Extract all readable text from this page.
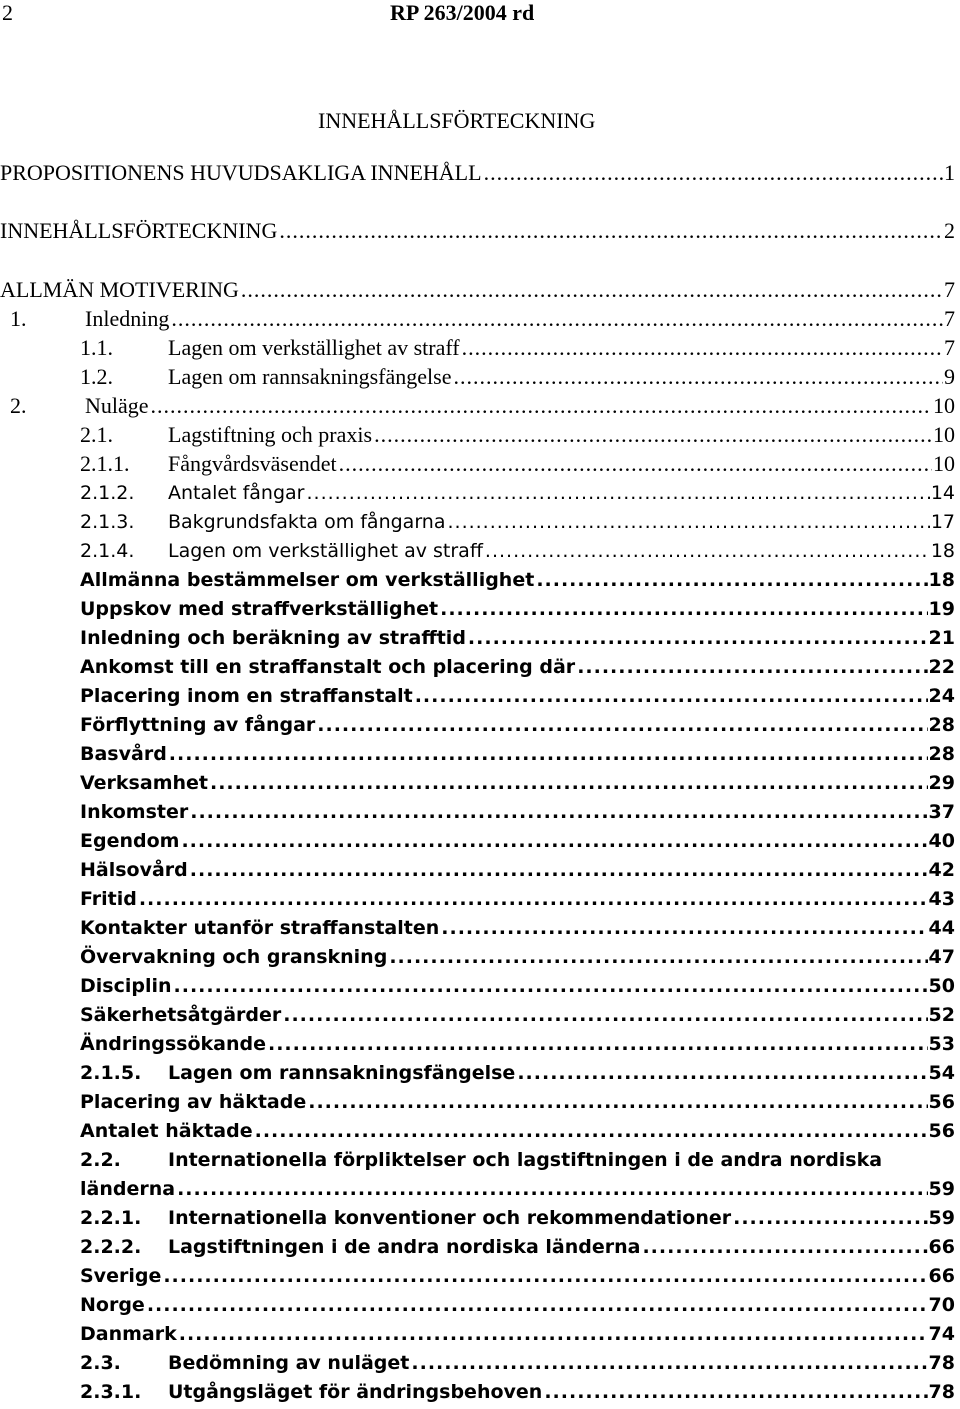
2	RP 263/2004 rd
INNEHÅLLSFÖRTECKNING
PROPOSITIONENS HUVUDSAKLIGA INNEHÅLL .....	1
INNEHÅLLSFÖRTECKNING .....	2
ALLMÄN MOTIVERING .....	7
1.	Inledning .....	7
1.1.	Lagen om verkställighet av straff .....	7
1.2.	Lagen om rannsakningsfängelse .....	9
2.	Nuläge .....	10
2.1.	Lagstiftning och praxis .....	10
2.1.1. Fångvårdsväsendet .....	10
2.1.2. Antalet fångar .....	14
2.1.3. Bakgrundsfakta om fångarna .....	17
2.1.4. Lagen om verkställighet av straff .....	18
Allmänna bestämmelser om verkställighet .....	18
Uppskov med straffverkställighet .....	19
Inledning och beräkning av strafftid .....	21
Ankomst till en straffanstalt och placering där .....	22
Placering inom en straffanstalt .....	24
Förflyttning av fångar .....	28
Basvård .....	28
Verksamhet .....	29
Inkomster .....	37
Egendom .....	40
Hälsovård .....	42
Fritid .....	43
Kontakter utanför straffanstalten .....	44
Övervakning och granskning .....	47
Disciplin .....	50
Säkerhetsåtgärder .....	52
Ändringssökande .....	53
2.1.5. Lagen om rannsakningsfängelse .....	54
Placering av häktade .....	56
Antalet häktade .....	56
2.2. Internationella förpliktelser och lagstiftningen i de andra nordiska
länderna .....	59
2.2.1. Internationella konventioner och rekommendationer .....	59
2.2.2. Lagstiftningen i de andra nordiska länderna .....	66
Sverige .....	66
Norge .....	70
Danmark .....	74
2.3. Bedömning av nuläget .....	78
2.3.1. Utgångsläget för ändringsbehoven .....	78
